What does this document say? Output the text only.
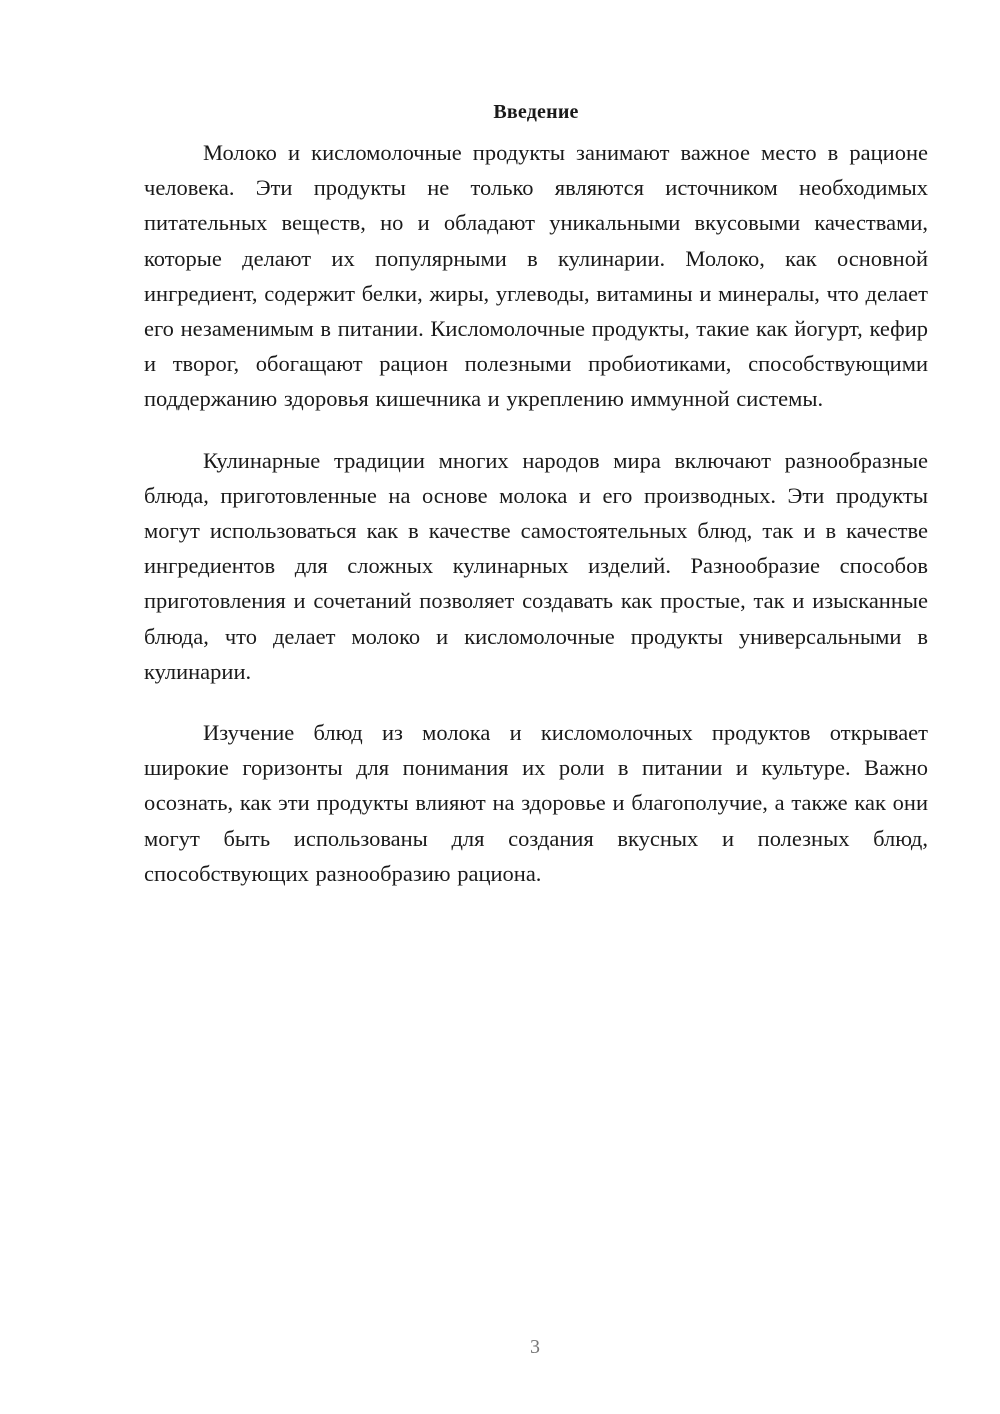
Введение

Молоко и кисломолочные продукты занимают важное место в рационе человека. Эти продукты не только являются источником необходимых питательных веществ, но и обладают уникальными вкусовыми качествами, которые делают их популярными в кулинарии. Молоко, как основной ингредиент, содержит белки, жиры, углеводы, витамины и минералы, что делает его незаменимым в питании. Кисломолочные продукты, такие как йогурт, кефир и творог, обогащают рацион полезными пробиотиками, способствующими поддержанию здоровья кишечника и укреплению иммунной системы.

Кулинарные традиции многих народов мира включают разнообразные блюда, приготовленные на основе молока и его производных. Эти продукты могут использоваться как в качестве самостоятельных блюд, так и в качестве ингредиентов для сложных кулинарных изделий. Разнообразие способов приготовления и сочетаний позволяет создавать как простые, так и изысканные блюда, что делает молоко и кисломолочные продукты универсальными в кулинарии.

Изучение блюд из молока и кисломолочных продуктов открывает широкие горизонты для понимания их роли в питании и культуре. Важно осознать, как эти продукты влияют на здоровье и благополучие, а также как они могут быть использованы для создания вкусных и полезных блюд, способствующих разнообразию рациона.

3
